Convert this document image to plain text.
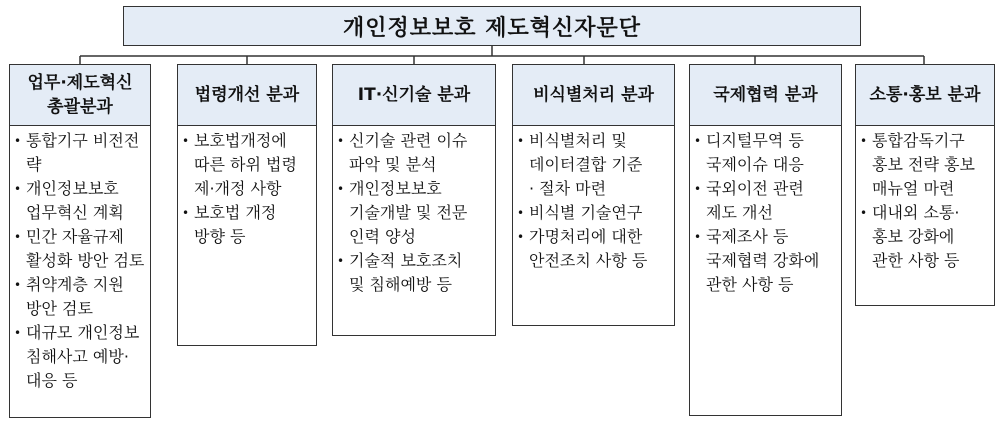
개인정보보호 제도혁신자문단
업무·제도혁신
총괄분과
• 통합기구 비전전략
• 개인정보보호
업무혁신 계획
• 민간 자율규제
활성화 방안 검토
• 취약계층 지원
방안 검토
• 대규모 개인정보
침해사고 예방·
대응 등
법령개선 분과
• 보호법개정에
따른 하위 법령
제·개정 사항
• 보호법 개정
방향 등
IT·신기술 분과
• 신기술 관련 이슈
파악 및 분석
• 개인정보보호
기술개발 및 전문
인력 양성
• 기술적 보호조치
및 침해예방 등
비식별처리 분과
• 비식별처리 및
데이터결합 기준
· 절차 마련
• 비식별 기술연구
• 가명처리에 대한
안전조치 사항 등
국제협력 분과
• 디지털무역 등
국제이슈 대응
• 국외이전 관련
제도 개선
• 국제조사 등
국제협력 강화에
관한 사항 등
소통·홍보 분과
• 통합감독기구
홍보 전략 홍보
매뉴얼 마련
• 대내외 소통·
홍보 강화에
관한 사항 등
